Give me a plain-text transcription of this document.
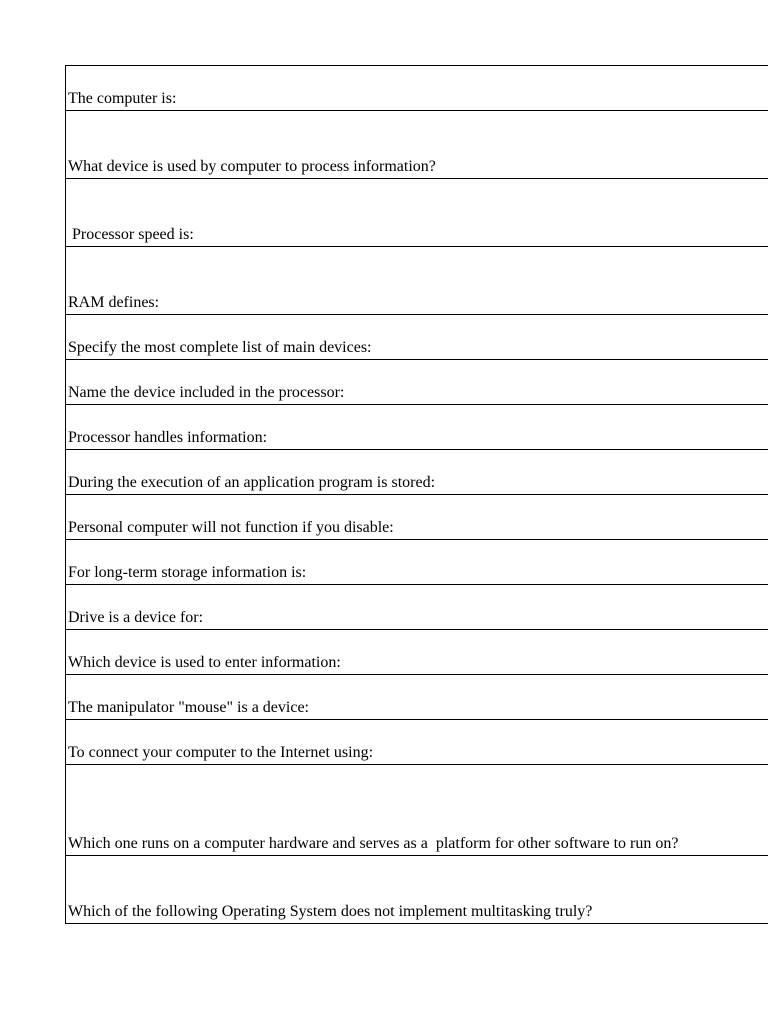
The computer is:
What device is used by computer to process information?
Processor speed is:
RAM defines:
Specify the most complete list of main devices:
Name the device included in the processor:
Processor handles information:
During the execution of an application program is stored:
Personal computer will not function if you disable:
For long-term storage information is:
Drive is a device for:
Which device is used to enter information:
The manipulator "mouse" is a device:
To connect your computer to the Internet using:
Which one runs on a computer hardware and serves as a  platform for other software to run on?
Which of the following Operating System does not implement multitasking truly?
